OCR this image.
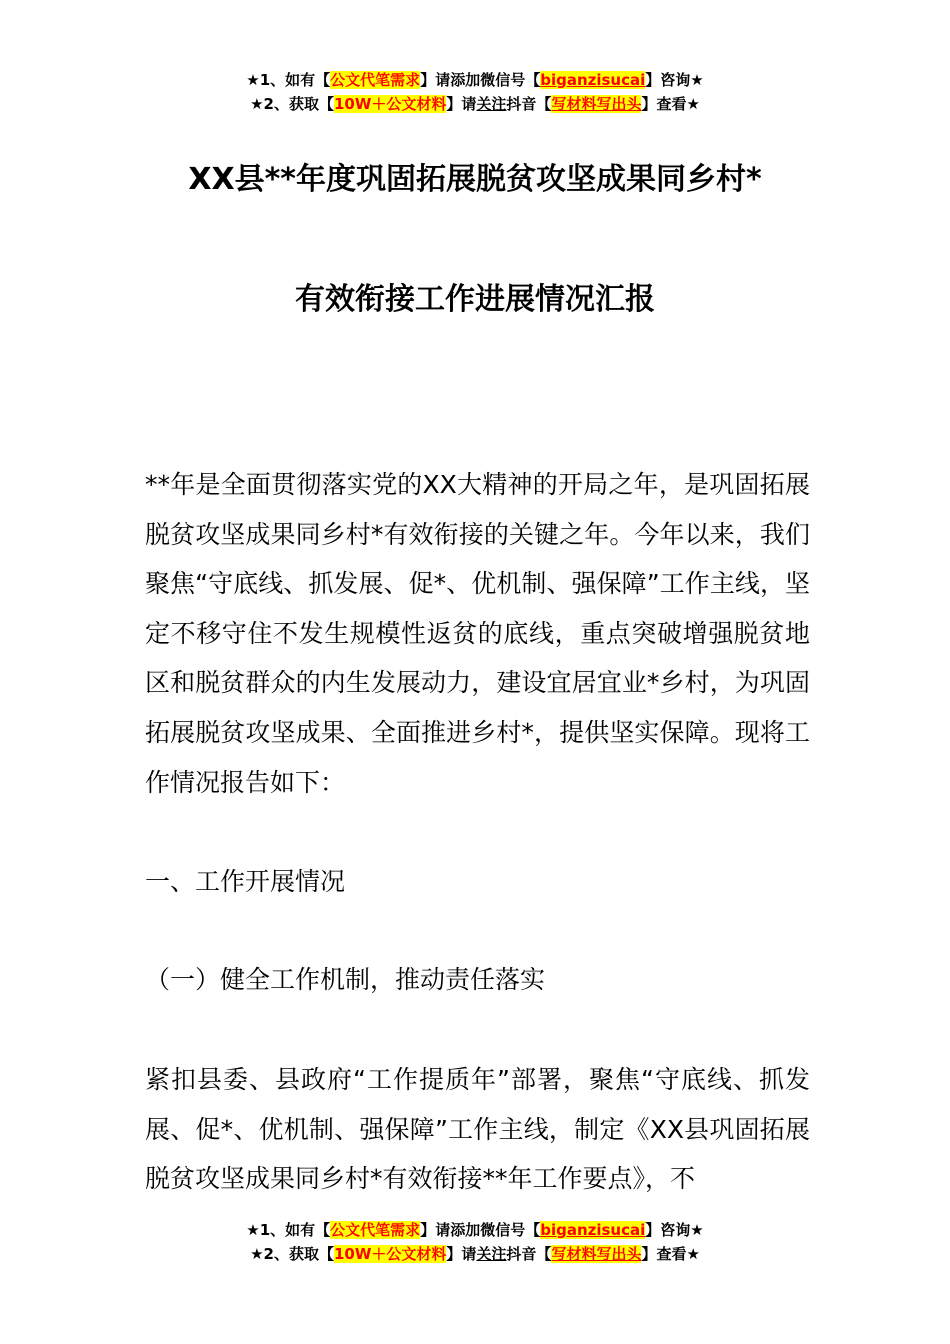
★1、如有【公文代笔需求】请添加微信号【biganzisucai】咨询★
★2、获取【10W＋公文材料】请关注抖音【写材料写出头】查看★
XX县**年度巩固拓展脱贫攻坚成果同乡村*
有效衔接工作进展情况汇报
**年是全面贯彻落实党的XX大精神的开局之年，是巩固拓展脱贫攻坚成果同乡村*有效衔接的关键之年。今年以来，我们聚焦“守底线、抓发展、促*、优机制、强保障”工作主线，坚定不移守住不发生规模性返贫的底线，重点突破增强脱贫地区和脱贫群众的内生发展动力，建设宜居宜业*乡村，为巩固拓展脱贫攻坚成果、全面推进乡村*，提供坚实保障。现将工作情况报告如下：
一、工作开展情况
（一）健全工作机制，推动责任落实
紧扣县委、县政府“工作提质年”部署，聚焦“守底线、抓发展、促*、优机制、强保障”工作主线，制定《XX县巩固拓展脱贫攻坚成果同乡村*有效衔接**年工作要点》，不
★1、如有【公文代笔需求】请添加微信号【biganzisucai】咨询★
★2、获取【10W＋公文材料】请关注抖音【写材料写出头】查看★
